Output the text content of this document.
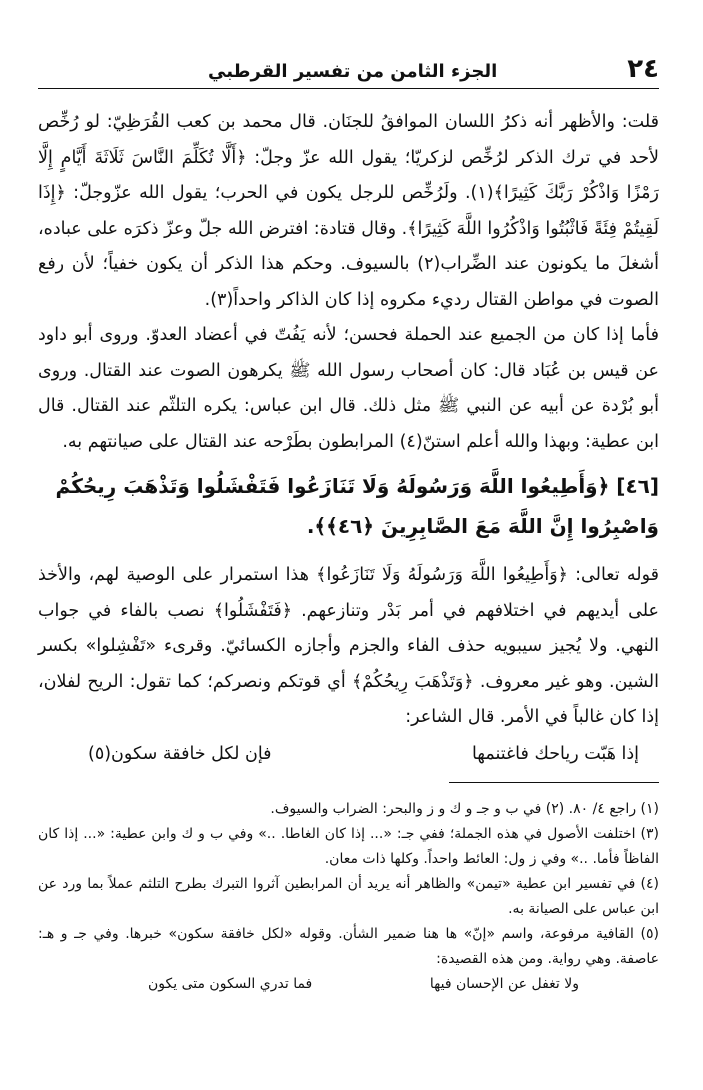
٢٤
الجزء الثامن من تفسير القرطبي

قلت: والأظهر أنه ذكرُ اللسان الموافقُ للجنَان. قال محمد بن كعب القُرَظِيّ: لو رُخِّص لأحد في ترك الذكر لرُخِّص لزكريّا؛ يقول الله عزّ وجلّ: ﴿أَلَّا تُكَلِّمَ النَّاسَ ثَلَاثَةَ أَيَّامٍ إِلَّا رَمْزًا وَاذْكُرْ رَبَّكَ كَثِيرًا﴾(١). ولَرُخِّص للرجل يكون في الحرب؛ يقول الله عزّوجلّ: ﴿إِذَا لَقِيتُمْ فِئَةً فَاثْبُتُوا وَاذْكُرُوا اللَّهَ كَثِيرًا﴾. وقال قتادة: افترض الله جلّ وعزّ ذكرَه على عباده، أشغلَ ما يكونون عند الضِّراب(٢) بالسيوف. وحكم هذا الذكر أن يكون خفياً؛ لأن رفع الصوت في مواطن القتال رديء مكروه إذا كان الذاكر واحداً(٣).

فأما إذا كان من الجميع عند الحملة فحسن؛ لأنه يَفُتّ في أعضاد العدوّ. وروى أبو داود عن قيس بن عُبَاد قال: كان أصحاب رسول الله ﷺ يكرهون الصوت عند القتال. وروى أبو بُرْدة عن أبيه عن النبي ﷺ مثل ذلك. قال ابن عباس: يكره التلثّم عند القتال. قال ابن عطية: وبهذا والله أعلم استنّ(٤) المرابطون بطَرْحه عند القتال على صيانتهم به.

[٤٦] ﴿وَأَطِيعُوا اللَّهَ وَرَسُولَهُ وَلَا تَنَازَعُوا فَتَفْشَلُوا وَتَذْهَبَ رِيحُكُمْ وَاصْبِرُوا إِنَّ اللَّهَ مَعَ الصَّابِرِينَ ﴿٤٦﴾﴾.

قوله تعالى: ﴿وَأَطِيعُوا اللَّهَ وَرَسُولَهُ وَلَا تَنَازَعُوا﴾ هذا استمرار على الوصية لهم، والأخذ على أيديهم في اختلافهم في أمر بَدْر وتنازعهم. ﴿فَتَفْشَلُوا﴾ نصب بالفاء في جواب النهي. ولا يُجيز سيبويه حذف الفاء والجزم وأجازه الكسائيّ. وقرىء «تَفْشِلوا» بكسر الشين. وهو غير معروف. ﴿وَتَذْهَبَ رِيحُكُمْ﴾ أي قوتكم ونصركم؛ كما تقول: الريح لفلان، إذا كان غالباً في الأمر. قال الشاعر:

إذا هَبّت رياحك فاغتنمها
فإن لكل خافقة سكون(٥)

(١) راجع ٤/ ٨٠. (٢) في ب و جـ و ك و ز والبحر: الضراب والسيوف.

(٣) اختلفت الأصول في هذه الجملة؛ ففي جـ: «... إذا كان الغاطا. ..» وفي ب و ك وابن عطية: «... إذا كان الفاظاً فأما. ..» وفي ز ول: العائط واحداً. وكلها ذات معان.

(٤) في تفسير ابن عطية «تيمن» والظاهر أنه يريد أن المرابطين آثروا التبرك بطرح التلثم عملاً بما ورد عن ابن عباس على الصيانة به.

(٥) القافية مرفوعة، واسم «إنّ» ها هنا ضمير الشأن. وقوله «لكل خافقة سكون» خبرها. وفي جـ و هـ: عاصفة. وهي رواية. ومن هذه القصيدة:

ولا تغفل عن الإحسان فيها
فما تدري السكون متى يكون
